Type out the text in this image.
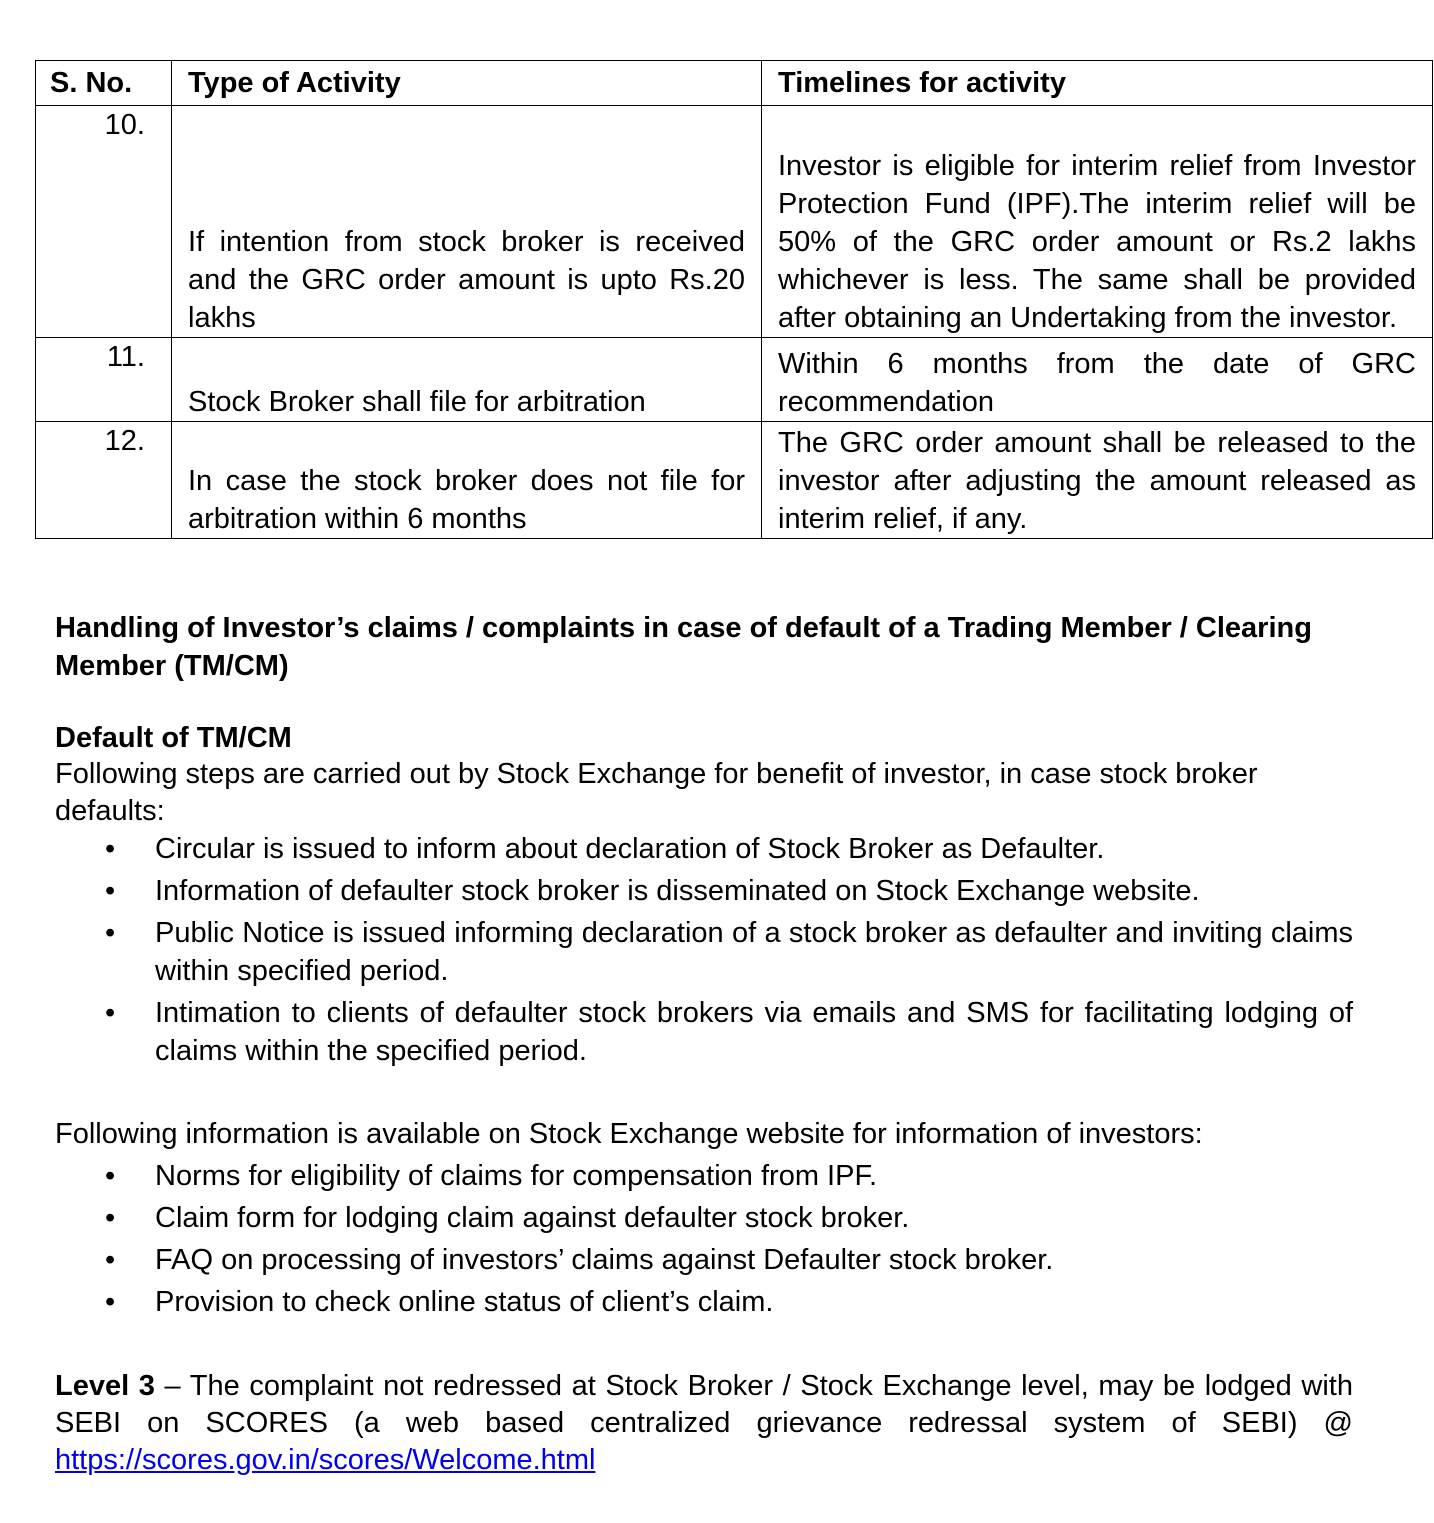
S. No.	Type of Activity	Timelines for activity
10.	If intention from stock broker is received and the GRC order amount is upto Rs.20 lakhs	Investor is eligible for interim relief from Investor Protection Fund (IPF).The interim relief will be 50% of the GRC order amount or Rs.2 lakhs whichever is less. The same shall be provided after obtaining an Undertaking from the investor.
11.	Stock Broker shall file for arbitration	Within 6 months from the date of GRC recommendation
12.	In case the stock broker does not file for arbitration within 6 months	The GRC order amount shall be released to the investor after adjusting the amount released as interim relief, if any.
Handling of Investor’s claims / complaints in case of default of a Trading Member / Clearing Member (TM/CM)
Default of TM/CM
Following steps are carried out by Stock Exchange for benefit of investor, in case stock broker defaults:
• Circular is issued to inform about declaration of Stock Broker as Defaulter.
• Information of defaulter stock broker is disseminated on Stock Exchange website.
• Public Notice is issued informing declaration of a stock broker as defaulter and inviting claims within specified period.
• Intimation to clients of defaulter stock brokers via emails and SMS for facilitating lodging of claims within the specified period.
Following information is available on Stock Exchange website for information of investors:
• Norms for eligibility of claims for compensation from IPF.
• Claim form for lodging claim against defaulter stock broker.
• FAQ on processing of investors’ claims against Defaulter stock broker.
• Provision to check online status of client’s claim.
Level 3 – The complaint not redressed at Stock Broker / Stock Exchange level, may be lodged with SEBI on SCORES (a web based centralized grievance redressal system of SEBI) @ https://scores.gov.in/scores/Welcome.html
